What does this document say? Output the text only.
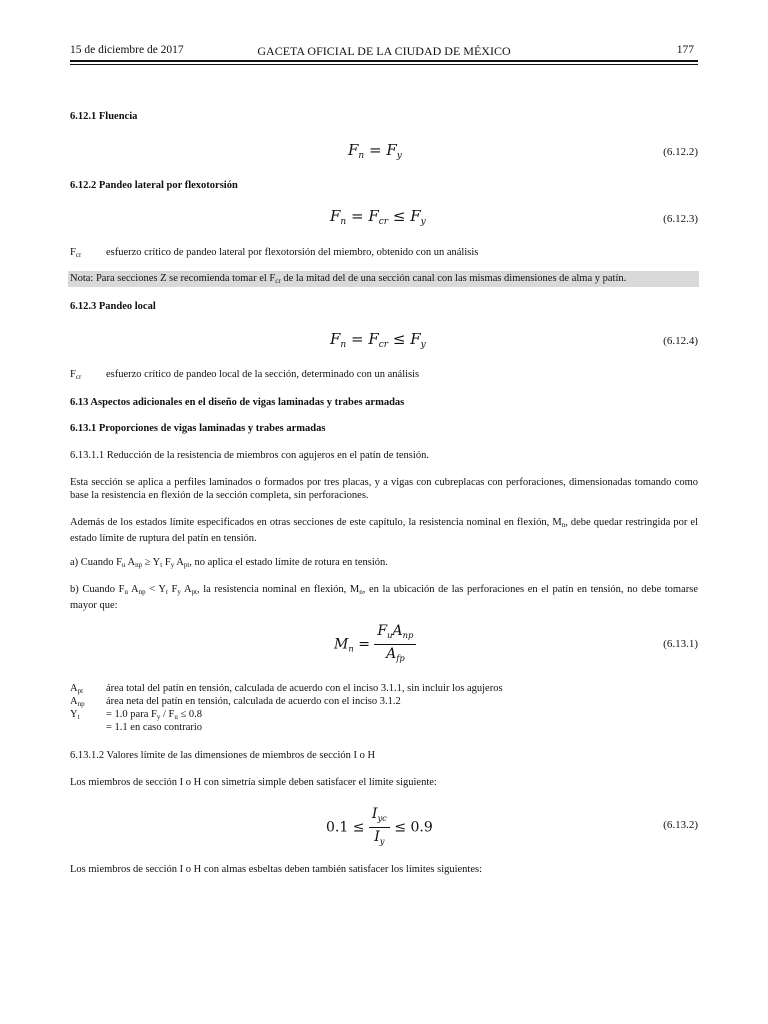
15 de diciembre de 2017	GACETA OFICIAL DE LA CIUDAD DE MÉXICO	177
6.12.1 Fluencia
$F_n = F_y$	(6.12.2)
6.12.2 Pandeo lateral por flexotorsión
$F_n = F_{cr} \le F_y$	(6.12.3)
$F_{cr}$ esfuerzo crítico de pandeo lateral por flexotorsión del miembro, obtenido con un análisis
Nota: Para secciones Z se recomienda tomar el $F_{cr}$ de la mitad del de una sección canal con las mismas dimensiones de alma y patín.
6.12.3 Pandeo local
$F_n = F_{cr} \le F_y$	(6.12.4)
$F_{cr}$ esfuerzo crítico de pandeo local de la sección, determinado con un análisis
6.13 Aspectos adicionales en el diseño de vigas laminadas y trabes armadas
6.13.1 Proporciones de vigas laminadas y trabes armadas
6.13.1.1 Reducción de la resistencia de miembros con agujeros en el patín de tensión.
Esta sección se aplica a perfiles laminados o formados por tres placas, y a vigas con cubreplacas con perforaciones, dimensionadas tomando como base la resistencia en flexión de la sección completa, sin perforaciones.
Además de los estados límite especificados en otras secciones de este capítulo, la resistencia nominal en flexión, $M_n$, debe quedar restringida por el estado límite de ruptura del patín en tensión.
a) Cuando $F_u$ $A_{np} \ge Y_t$ $F_y$ $A_{pt}$, no aplica el estado límite de rotura en tensión.
b) Cuando $F_u$ $A_{np} < Y_t$ $F_y$ $A_{pt}$, la resistencia nominal en flexión, $M_n$, en la ubicación de las perforaciones en el patín en tensión, no debe tomarse mayor que:
$M_n = \frac{F_uA_{np}}{A_{fp}}$	(6.13.1)
$A_{pt}$ área total del patín en tensión, calculada de acuerdo con el inciso 3.1.1, sin incluir los agujeros
$A_{np}$ área neta del patín en tensión, calculada de acuerdo con el inciso 3.1.2
$Y_t$	= 1.0 para $F_y / F_u \le 0.8$
= 1.1 en caso contrario
6.13.1.2 Valores límite de las dimensiones de miembros de sección I o H
Los miembros de sección I o H con simetría simple deben satisfacer el límite siguiente:
$0.1 \le \frac{I_{yc}}{I_y} \le 0.9$	(6.13.2)
Los miembros de sección I o H con almas esbeltas deben también satisfacer los límites siguientes:
